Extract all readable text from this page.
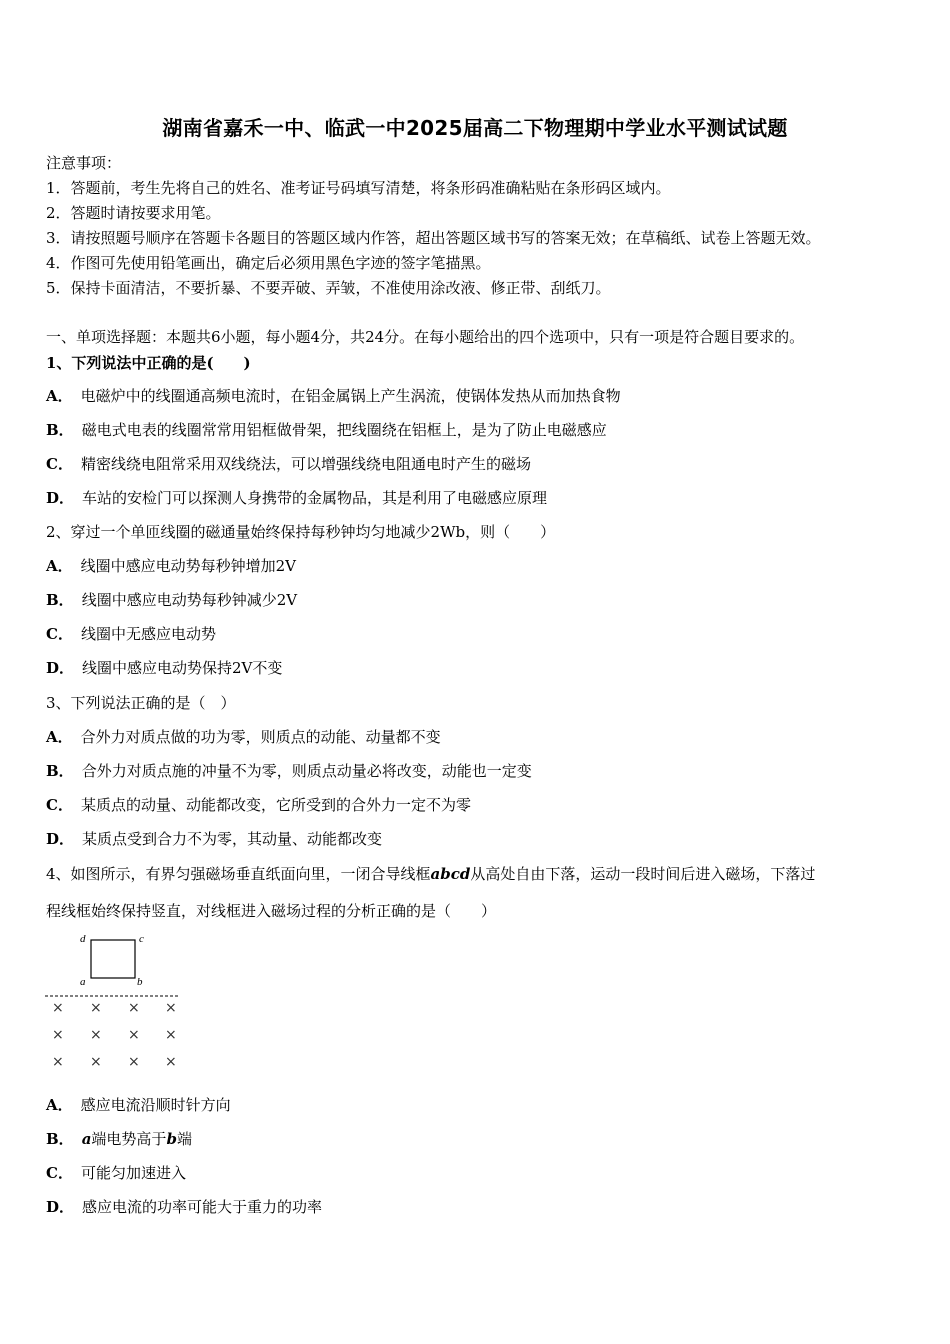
湖南省嘉禾一中、临武一中2025届高二下物理期中学业水平测试试题
注意事项：
1．答题前，考生先将自己的姓名、准考证号码填写清楚，将条形码准确粘贴在条形码区域内。
2．答题时请按要求用笔。
3．请按照题号顺序在答题卡各题目的答题区域内作答，超出答题区域书写的答案无效；在草稿纸、试卷上答题无效。
4．作图可先使用铅笔画出，确定后必须用黑色字迹的签字笔描黑。
5．保持卡面清洁，不要折暴、不要弄破、弄皱，不准使用涂改液、修正带、刮纸刀。
一、单项选择题：本题共6小题，每小题4分，共24分。在每小题给出的四个选项中，只有一项是符合题目要求的。
1、下列说法中正确的是(　　)
A． 电磁炉中的线圈通高频电流时，在铝金属锅上产生涡流，使锅体发热从而加热食物
B． 磁电式电表的线圈常常用铝框做骨架，把线圈绕在铝框上，是为了防止电磁感应
C． 精密线绕电阻常采用双线绕法，可以增强线绕电阻通电时产生的磁场
D． 车站的安检门可以探测人身携带的金属物品，其是利用了电磁感应原理
2、穿过一个单匝线圈的磁通量始终保持每秒钟均匀地减少2Wb，则（　　）
A． 线圈中感应电动势每秒钟增加2V
B． 线圈中感应电动势每秒钟减少2V
C． 线圈中无感应电动势
D． 线圈中感应电动势保持2V不变
3、下列说法正确的是（　）
A． 合外力对质点做的功为零，则质点的动能、动量都不变
B． 合外力对质点施的冲量不为零，则质点动量必将改变，动能也一定变
C． 某质点的动量、动能都改变，它所受到的合外力一定不为零
D． 某质点受到合力不为零，其动量、动能都改变
4、如图所示，有界匀强磁场垂直纸面向里，一闭合导线框abcd从高处自由下落，运动一段时间后进入磁场，下落过
程线框始终保持竖直，对线框进入磁场过程的分析正确的是（　　）
d	c
a	b
× × × ×
× × × ×
× × × ×
A． 感应电流沿顺时针方向
B． a端电势高于b端
C． 可能匀加速进入
D． 感应电流的功率可能大于重力的功率
